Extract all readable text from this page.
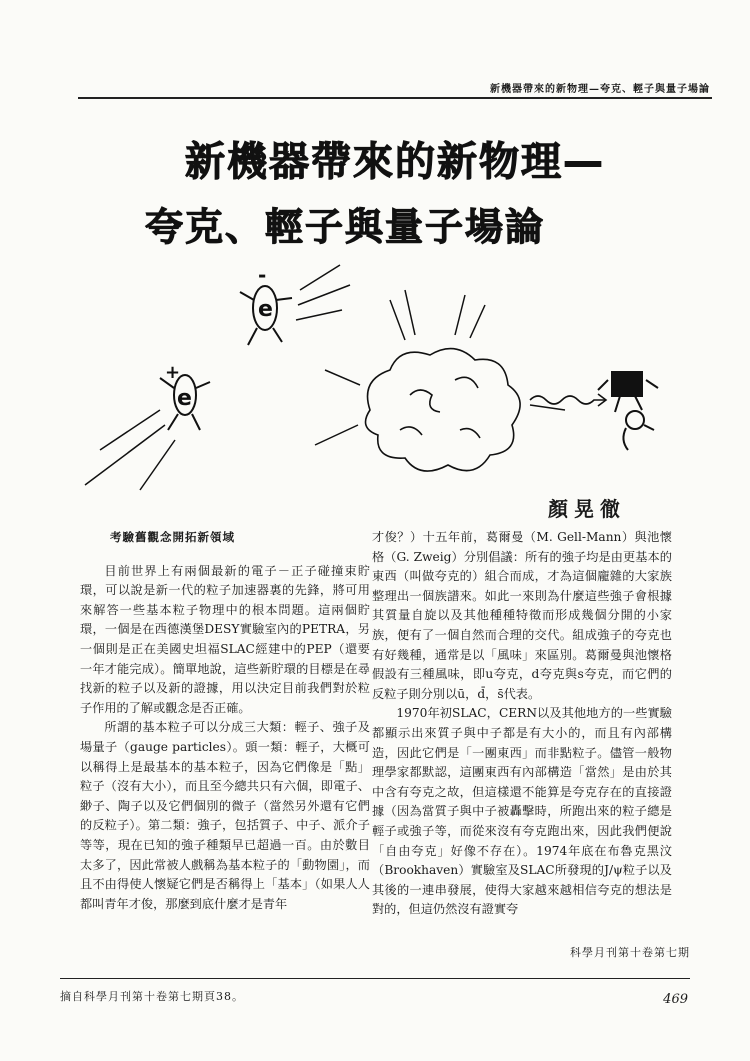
新機器帶來的新物理—夸克、輕子與量子場論
新機器帶來的新物理—
夸克、輕子與量子場論
e
-
e
+
顏晃徹
考驗舊觀念開拓新領域

目前世界上有兩個最新的電子－正子碰撞束貯環，可以說是新一代的粒子加速器裏的先鋒，將可用來解答一些基本粒子物理中的根本問題。這兩個貯環，一個是在西德漢堡DESY實驗室內的PETRA，另一個則是正在美國史坦福SLAC經建中的PEP（還要一年才能完成）。簡單地說，這些新貯環的目標是在尋找新的粒子以及新的證據，用以決定目前我們對於粒子作用的了解或觀念是否正確。

所謂的基本粒子可以分成三大類：輕子、強子及場量子（gauge particles）。頭一類：輕子，大概可以稱得上是最基本的基本粒子，因為它們像是「點」粒子（沒有大小），而且至今總共只有六個，即電子、緲子、陶子以及它們個別的微子（當然另外還有它們的反粒子）。第二類：強子，包括質子、中子、派介子等等，現在已知的強子種類早已超過一百。由於數目太多了，因此常被人戲稱為基本粒子的「動物園」，而且不由得使人懷疑它們是否稱得上「基本」（如果人人都叫青年才俊，那麼到底什麼才是青年

才俊？）十五年前，葛爾曼（M. Gell-Mann）與池懷格（G. Zweig）分別倡議：所有的強子均是由更基本的東西（叫做夸克的）組合而成，才為這個龐雜的大家族整理出一個族譜來。如此一來則為什麼這些強子會根據其質量自旋以及其他種種特徵而形成幾個分開的小家族，便有了一個自然而合理的交代。組成強子的夸克也有好幾種，通常是以「風味」來區別。葛爾曼與池懷格假設有三種風味，即u夸克，d夸克與s夸克，而它們的反粒子則分別以ū，d̄，s̄代表。

1970年初SLAC，CERN以及其他地方的一些實驗都顯示出來質子與中子都是有大小的，而且有內部構造，因此它們是「一團東西」而非點粒子。儘管一般物理學家都默認，這團東西有內部構造「當然」是由於其中含有夸克之故，但這樣還不能算是夸克存在的直接證據（因為當質子與中子被轟擊時，所跑出來的粒子總是輕子或強子等，而從來沒有夸克跑出來，因此我們便說「自由夸克」好像不存在）。1974年底在布魯克黑汶（Brookhaven）實驗室及SLAC所發現的J/ψ粒子以及其後的一連串發展，使得大家越來越相信夸克的想法是對的，但這仍然沒有證實夸

科學月刊第十卷第七期
摘自科學月刊第十卷第七期頁38。	469
